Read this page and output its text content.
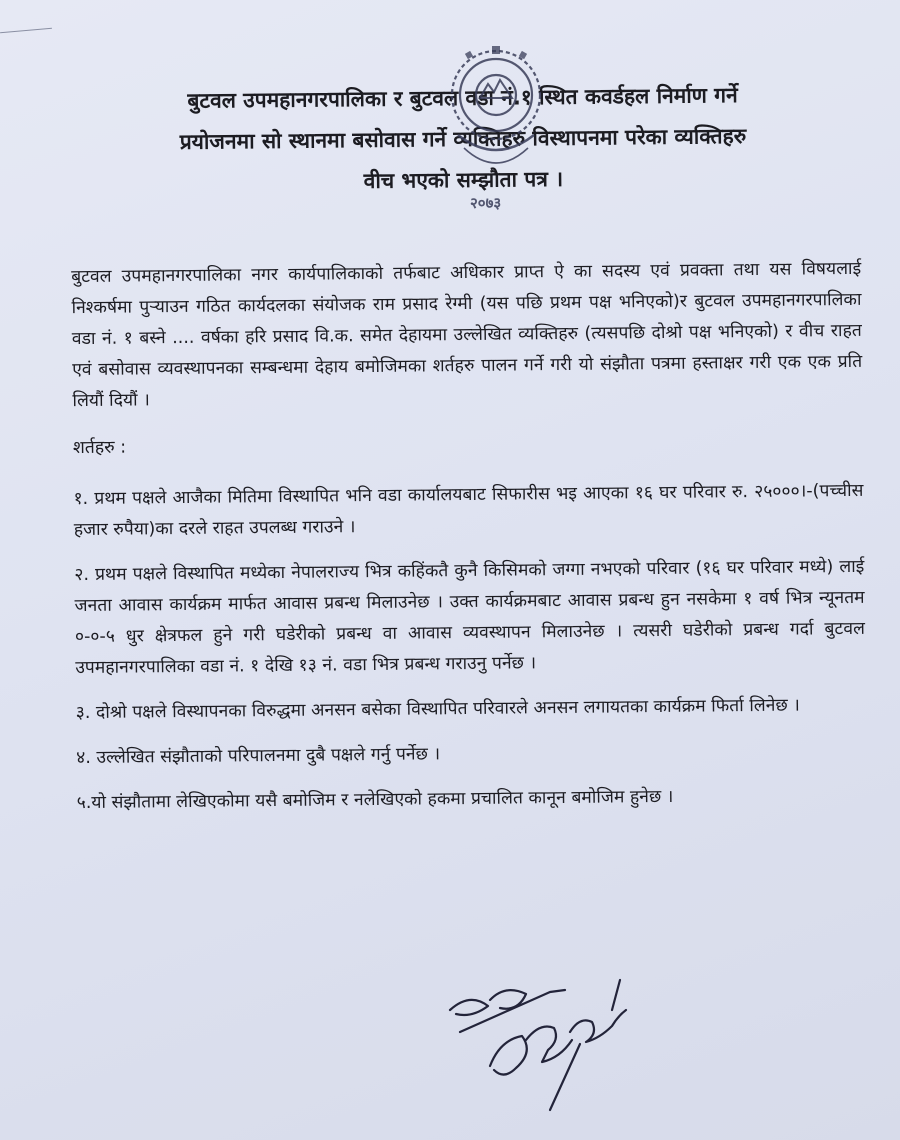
बुटवल उपमहानगरपालिका र बुटवल वडा नं.१ स्थित कवर्डहल निर्माण गर्ने
प्रयोजनमा सो स्थानमा बसोवास गर्ने व्यक्तिहरु विस्थापनमा परेका व्यक्तिहरु
वीच भएको सम्झौता पत्र ।
२०७३

बुटवल उपमहानगरपालिका नगर कार्यपालिकाको तर्फबाट अधिकार प्राप्त ऐ का सदस्य एवं प्रवक्ता तथा यस विषयलाई निश्कर्षमा पुऱ्याउन गठित कार्यदलका संयोजक राम प्रसाद रेग्मी (यस पछि प्रथम पक्ष भनिएको)र बुटवल उपमहानगरपालिका वडा नं. १ बस्ने .... वर्षका हरि प्रसाद वि.क. समेत देहायमा उल्लेखित व्यक्तिहरु (त्यसपछि दोश्रो पक्ष भनिएको) र वीच राहत एवं बसोवास व्यवस्थापनका सम्बन्धमा देहाय बमोजिमका शर्तहरु पालन गर्ने गरी यो संझौता पत्रमा हस्ताक्षर गरी एक एक प्रति लियौं दियौं ।

शर्तहरु :

१. प्रथम पक्षले आजैका मितिमा विस्थापित भनि वडा कार्यालयबाट सिफारीस भइ आएका १६ घर परिवार रु. २५०००।-(पच्चीस हजार रुपैया)का दरले राहत उपलब्ध गराउने ।

२. प्रथम पक्षले विस्थापित मध्येका नेपालराज्य भित्र कहिंकतै कुनै किसिमको जग्गा नभएको परिवार (१६ घर परिवार मध्ये) लाई जनता आवास कार्यक्रम मार्फत आवास प्रबन्ध मिलाउनेछ । उक्त कार्यक्रमबाट आवास प्रबन्ध हुन नसकेमा १ वर्ष भित्र न्यूनतम ०-०-५ धुर क्षेत्रफल हुने गरी घडेरीको प्रबन्ध वा आवास व्यवस्थापन मिलाउनेछ । त्यसरी घडेरीको प्रबन्ध गर्दा बुटवल उपमहानगरपालिका वडा नं. १ देखि १३ नं. वडा भित्र प्रबन्ध गराउनु पर्नेछ ।

३. दोश्रो पक्षले विस्थापनका विरुद्धमा अनसन बसेका विस्थापित परिवारले अनसन लगायतका कार्यक्रम फिर्ता लिनेछ ।

४. उल्लेखित संझौताको परिपालनमा दुबै पक्षले गर्नु पर्नेछ ।

५.यो संझौतामा लेखिएकोमा यसै बमोजिम र नलेखिएको हकमा प्रचालित कानून बमोजिम हुनेछ ।
